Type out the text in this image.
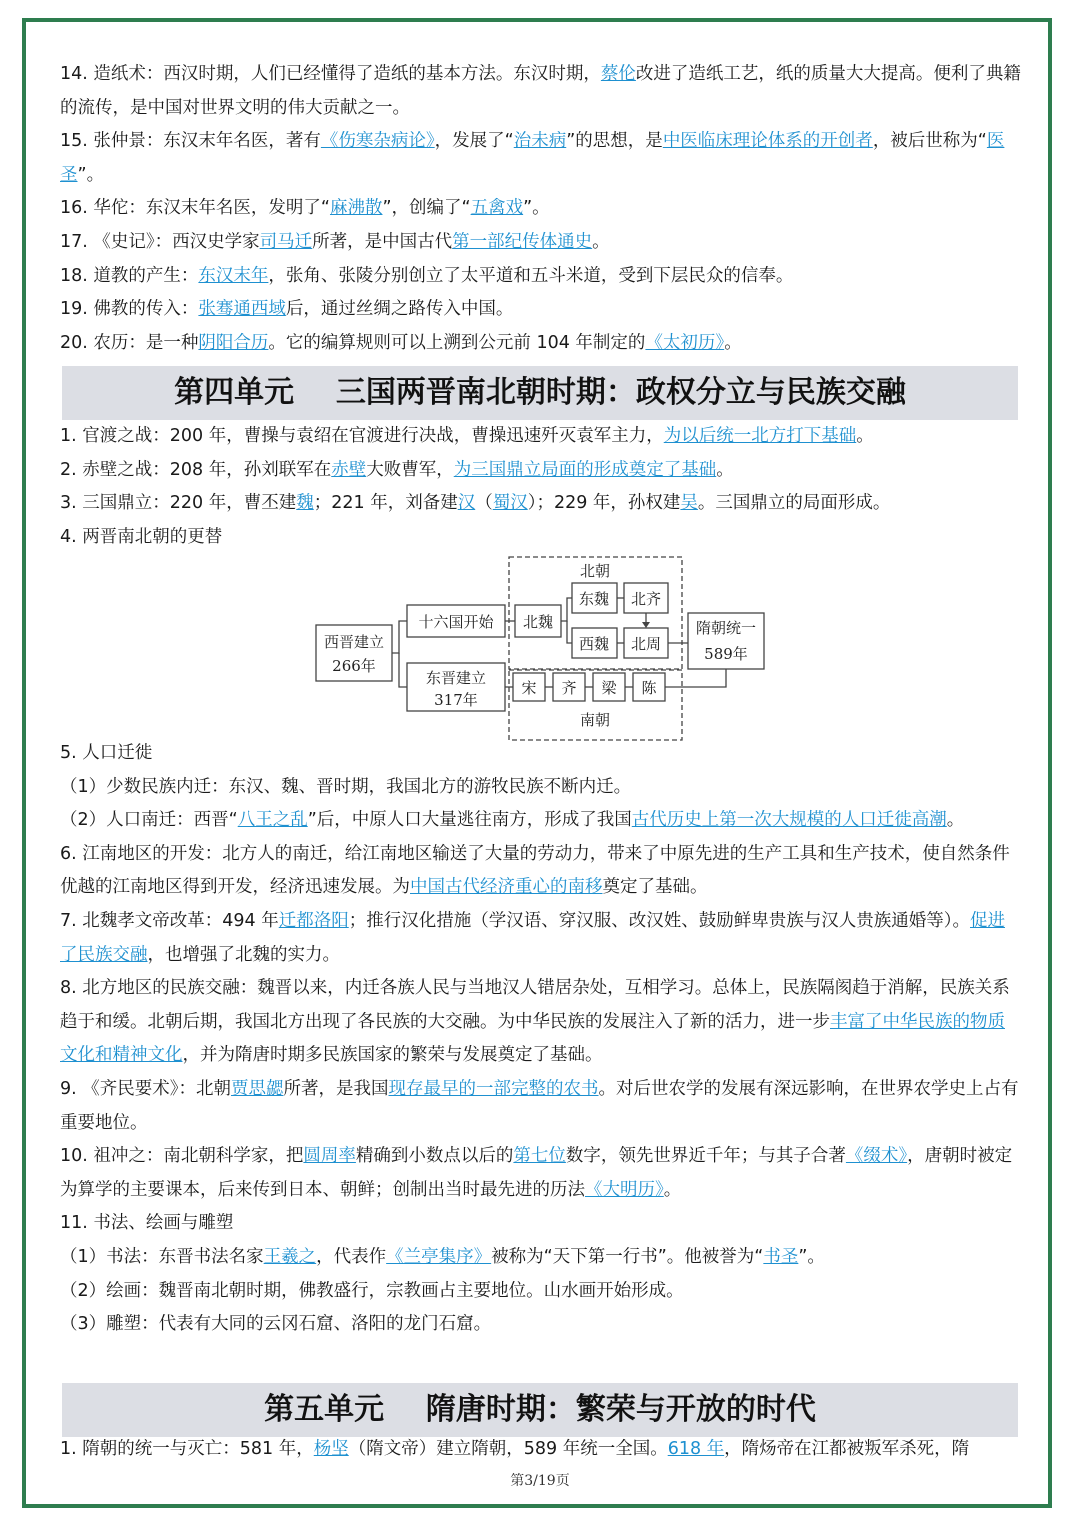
14. 造纸术：西汉时期，人们已经懂得了造纸的基本方法。东汉时期，蔡伦改进了造纸工艺，纸的质量大大提高。便利了典籍的流传，是中国对世界文明的伟大贡献之一。

15. 张仲景：东汉末年名医，著有《伤寒杂病论》，发展了“治未病”的思想，是中医临床理论体系的开创者，被后世称为“医圣”。

16. 华佗：东汉末年名医，发明了“麻沸散”，创编了“五禽戏”。

17. 《史记》：西汉史学家司马迁所著，是中国古代第一部纪传体通史。

18. 道教的产生：东汉末年，张角、张陵分别创立了太平道和五斗米道，受到下层民众的信奉。

19. 佛教的传入：张骞通西域后，通过丝绸之路传入中国。

20. 农历：是一种阴阳合历。它的编算规则可以上溯到公元前 104 年制定的《太初历》。

第四单元    三国两晋南北朝时期：政权分立与民族交融

1. 官渡之战：200 年，曹操与袁绍在官渡进行决战，曹操迅速歼灭袁军主力，为以后统一北方打下基础。

2. 赤壁之战：208 年，孙刘联军在赤壁大败曹军，为三国鼎立局面的形成奠定了基础。

3. 三国鼎立：220 年，曹丕建魏；221 年，刘备建汉（蜀汉）；229 年，孙权建吴。三国鼎立的局面形成。

4. 两晋南北朝的更替

西晋建立
266年
十六国开始
东晋建立
317年
北魏
北朝
东魏 北齐
西魏 北周
隋朝统一
589年
宋 齐 梁 陈
南朝

5. 人口迁徙

（1）少数民族内迁：东汉、魏、晋时期，我国北方的游牧民族不断内迁。

（2）人口南迁：西晋“八王之乱”后，中原人口大量逃往南方，形成了我国古代历史上第一次大规模的人口迁徙高潮。

6. 江南地区的开发：北方人的南迁，给江南地区输送了大量的劳动力，带来了中原先进的生产工具和生产技术，使自然条件优越的江南地区得到开发，经济迅速发展。为中国古代经济重心的南移奠定了基础。

7. 北魏孝文帝改革：494 年迁都洛阳；推行汉化措施（学汉语、穿汉服、改汉姓、鼓励鲜卑贵族与汉人贵族通婚等）。促进了民族交融，也增强了北魏的实力。

8. 北方地区的民族交融：魏晋以来，内迁各族人民与当地汉人错居杂处，互相学习。总体上，民族隔阂趋于消解，民族关系趋于和缓。北朝后期，我国北方出现了各民族的大交融。为中华民族的发展注入了新的活力，进一步丰富了中华民族的物质文化和精神文化，并为隋唐时期多民族国家的繁荣与发展奠定了基础。

9. 《齐民要术》：北朝贾思勰所著，是我国现存最早的一部完整的农书。对后世农学的发展有深远影响，在世界农学史上占有重要地位。

10. 祖冲之：南北朝科学家，把圆周率精确到小数点以后的第七位数字，领先世界近千年；与其子合著《缀术》，唐朝时被定为算学的主要课本，后来传到日本、朝鲜；创制出当时最先进的历法《大明历》。

11. 书法、绘画与雕塑

（1）书法：东晋书法名家王羲之，代表作《兰亭集序》被称为“天下第一行书”。他被誉为“书圣”。

（2）绘画：魏晋南北朝时期，佛教盛行，宗教画占主要地位。山水画开始形成。

（3）雕塑：代表有大同的云冈石窟、洛阳的龙门石窟。

第五单元    隋唐时期：繁荣与开放的时代

1. 隋朝的统一与灭亡：581 年，杨坚（隋文帝）建立隋朝，589 年统一全国。618 年，隋炀帝在江都被叛军杀死，隋

第3/19页
